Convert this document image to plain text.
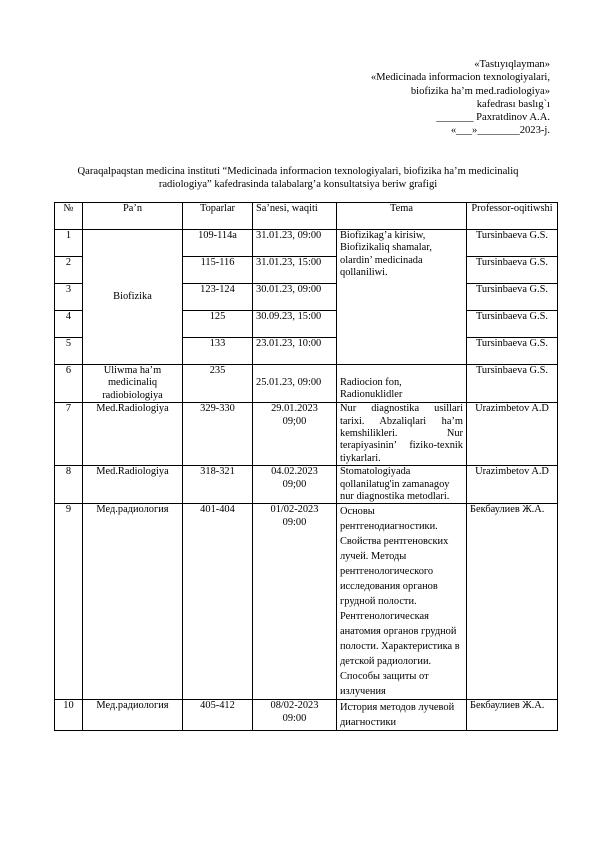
«Tastıyıqlayman»
«Medicinada informacion texnologiyalari,
biofizika ha’m med.radiologiya»
kafedrası baslıg`ı
_______ Paxratdinov A.A.
«___»________2023-j.
Qaraqalpaqstan medicina instituti “Medicinada informacion texnologiyalari, biofizika ha’m medicinaliq radiologiya” kafedrasinda talabalarg’a konsultatsiya beriw grafigi
№	Pa’n	Toparlar	Sa’nesi, waqiti	Tema	Professor-oqitiwshi
1	Biofizika	109-114a	31.01.23, 09:00	Biofizikag’a kirisiw, Biofizikaliq shamalar, olardin’ medicinada qollaniliwi.	Tursinbaeva G.S.
2		115-116	31.01.23, 15:00		Tursinbaeva G.S.
3		123-124	30.01.23, 09:00		Tursinbaeva G.S.
4		125	30.09.23, 15:00		Tursinbaeva G.S.
5		133	23.01.23, 10:00		Tursinbaeva G.S.
6	Uliwma ha’m medicinaliq radiobiologiya	235	25.01.23, 09:00	Radiocion fon, Radionuklidler	Tursinbaeva G.S.
7	Med.Radiologiya	329-330	29.01.2023 09;00	Nur diagnostika usillari tarixi. Abzaliqlari ha’m kemshilikleri. Nur terapiyasinin’ fiziko-texnik tiykarlari.	Urazimbetov A.D
8	Med.Radiologiya	318-321	04.02.2023 09;00	Stomatologiyada qollanilatug'in zamanagoy nur diagnostika metodlari.	Urazimbetov A.D
9	Мед.радиология	401-404	01/02-2023 09:00	Основы рентгенодиагностики. Свойства рентгеновских лучей. Методы рентгенологического исследования органов грудной полости. Рентгенологическая анатомия органов грудной полости. Характеристика в детской радиологии. Способы защиты от излучения	Бекбаулиев Ж.А.
10	Мед.радиология	405-412	08/02-2023 09:00	История методов лучевой диагностики	Бекбаулиев Ж.А.
